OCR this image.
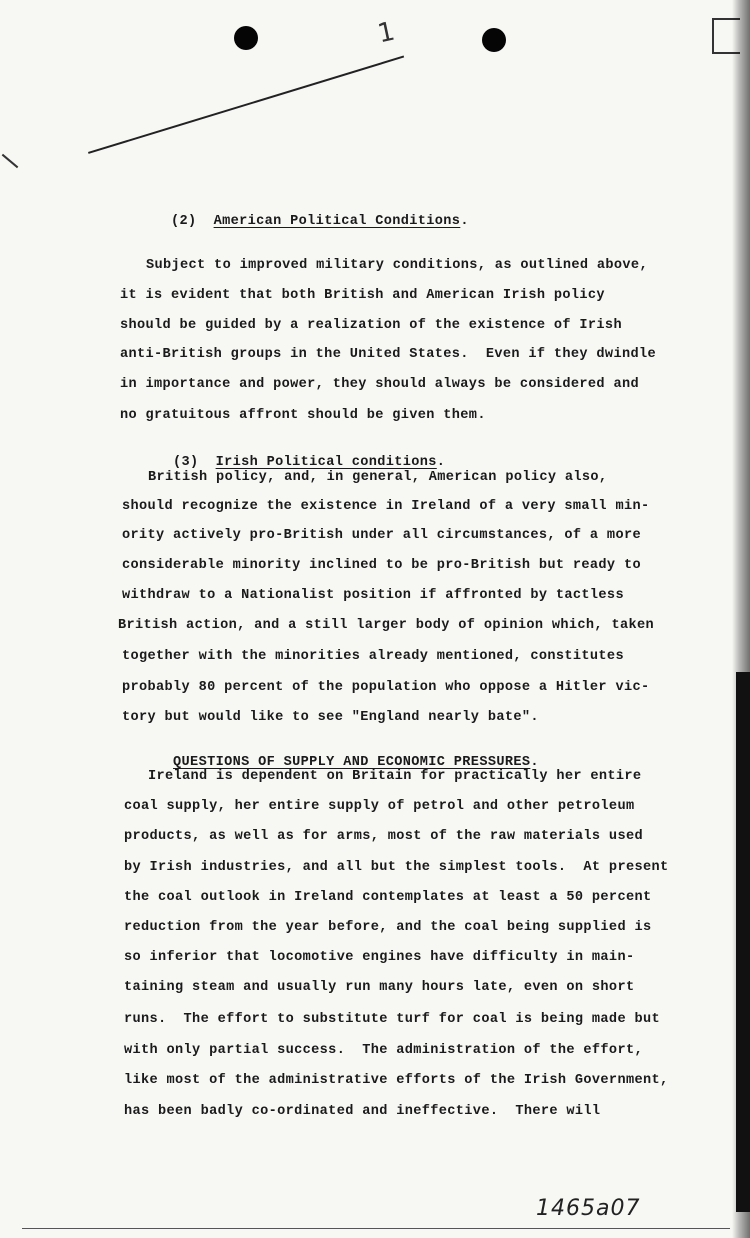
1

(2) American Political Conditions.

Subject to improved military conditions, as outlined above,
it is evident that both British and American Irish policy
should be guided by a realization of the existence of Irish
anti-British groups in the United States.  Even if they dwindle
in importance and power, they should always be considered and
no gratuitous affront should be given them.

(3) Irish Political conditions.

British policy, and, in general, American policy also,
should recognize the existence in Ireland of a very small min-
ority actively pro-British under all circumstances, of a more
considerable minority inclined to be pro-British but ready to
withdraw to a Nationalist position if affronted by tactless
British action, and a still larger body of opinion which, taken
together with the minorities already mentioned, constitutes
probably 80 percent of the population who oppose a Hitler vic-
tory but would like to see "England nearly bate".

QUESTIONS OF SUPPLY AND ECONOMIC PRESSURES.

Ireland is dependent on Britain for practically her entire
coal supply, her entire supply of petrol and other petroleum
products, as well as for arms, most of the raw materials used
by Irish industries, and all but the simplest tools.  At present
the coal outlook in Ireland contemplates at least a 50 percent
reduction from the year before, and the coal being supplied is
so inferior that locomotive engines have difficulty in main-
taining steam and usually run many hours late, even on short
runs.  The effort to substitute turf for coal is being made but
with only partial success.  The administration of the effort,
like most of the administrative efforts of the Irish Government,
has been badly co-ordinated and ineffective.  There will
1465a07
